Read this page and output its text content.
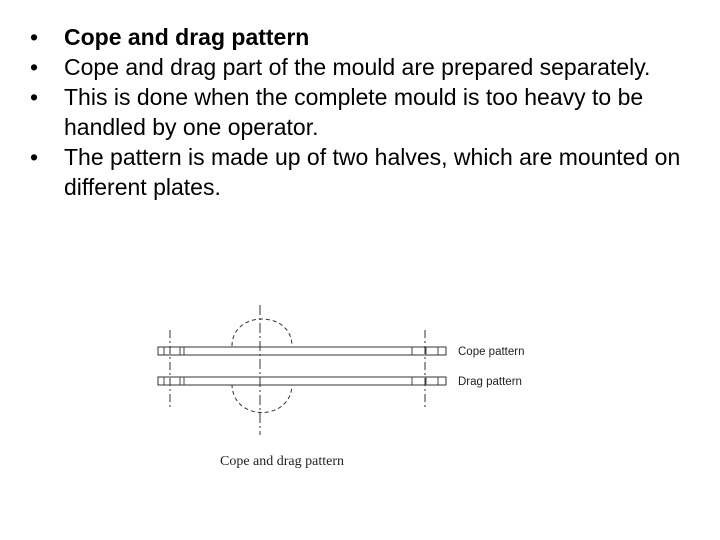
•	Cope and drag pattern
•	Cope and drag part of the mould are prepared separately.
•	This is done when the complete mould is too heavy to be handled by one operator.
•	The pattern is made up of two halves, which are mounted on different plates.
Cope pattern
Drag pattern
Cope and drag pattern
